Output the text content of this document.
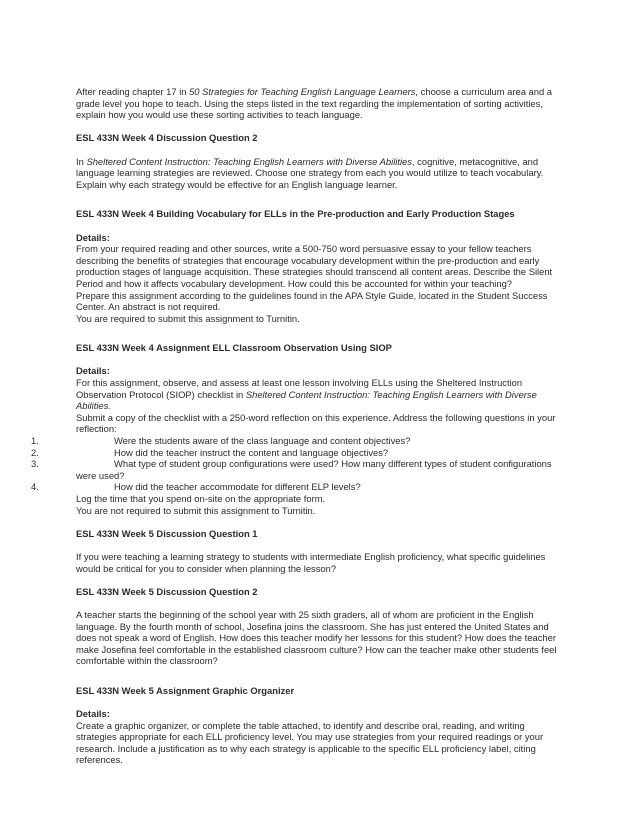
After reading chapter 17 in 50 Strategies for Teaching English Language Learners, choose a curriculum area and a grade level you hope to teach. Using the steps listed in the text regarding the implementation of sorting activities, explain how you would use these sorting activities to teach language.

ESL 433N Week 4 Discussion Question 2

In Sheltered Content Instruction: Teaching English Learners with Diverse Abilities, cognitive, metacognitive, and language learning strategies are reviewed. Choose one strategy from each you would utilize to teach vocabulary. Explain why each strategy would be effective for an English language learner.

ESL 433N Week 4 Building Vocabulary for ELLs in the Pre-production and Early Production Stages

Details:

From your required reading and other sources, write a 500-750 word persuasive essay to your fellow teachers describing the benefits of strategies that encourage vocabulary development within the pre-production and early production stages of language acquisition. These strategies should transcend all content areas. Describe the Silent Period and how it affects vocabulary development. How could this be accounted for within your teaching?

Prepare this assignment according to the guidelines found in the APA Style Guide, located in the Student Success Center. An abstract is not required.

You are required to submit this assignment to Turnitin.

ESL 433N Week 4 Assignment ELL Classroom Observation Using SIOP

Details:

For this assignment, observe, and assess at least one lesson involving ELLs using the Sheltered Instruction Observation Protocol (SIOP) checklist in Sheltered Content Instruction: Teaching English Learners with Diverse Abilities.

Submit a copy of the checklist with a 250-word reflection on this experience. Address the following questions in your reflection:

1.	Were the students aware of the class language and content objectives?
2.	How did the teacher instruct the content and language objectives?
3.	What type of student group configurations were used? How many different types of student configurations were used?
4.	How did the teacher accommodate for different ELP levels?

Log the time that you spend on-site on the appropriate form.

You are not required to submit this assignment to Turnitin.

ESL 433N Week 5 Discussion Question 1

If you were teaching a learning strategy to students with intermediate English proficiency, what specific guidelines would be critical for you to consider when planning the lesson?

ESL 433N Week 5 Discussion Question 2

A teacher starts the beginning of the school year with 25 sixth graders, all of whom are proficient in the English language. By the fourth month of school, Josefina joins the classroom. She has just entered the United States and does not speak a word of English. How does this teacher modify her lessons for this student? How does the teacher make Josefina feel comfortable in the established classroom culture? How can the teacher make other students feel comfortable within the classroom?

ESL 433N Week 5 Assignment Graphic Organizer

Details:

Create a graphic organizer, or complete the table attached, to identify and describe oral, reading, and writing strategies appropriate for each ELL proficiency level. You may use strategies from your required readings or your research. Include a justification as to why each strategy is applicable to the specific ELL proficiency label, citing references.
